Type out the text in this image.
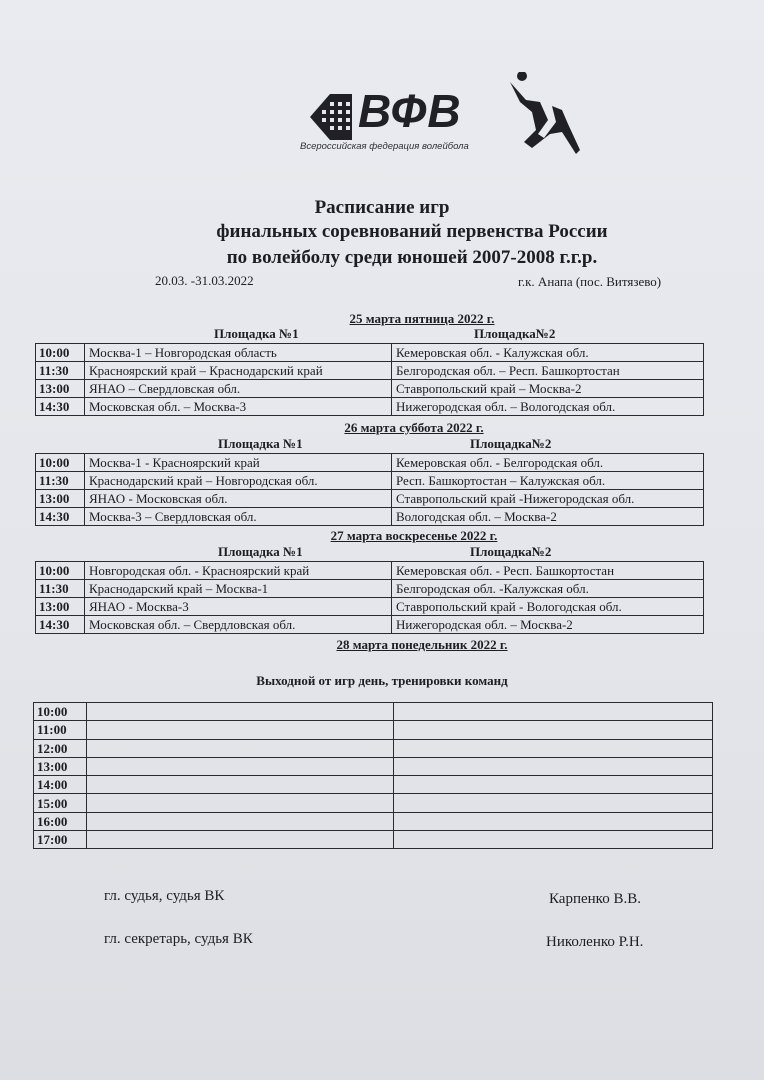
ВФВ
Всероссийская федерация волейбола
Расписание игр
финальных соревнований первенства России
по волейболу среди юношей 2007-2008 г.г.р.
20.03. -31.03.2022	г.к. Анапа (пос. Витязево)
25 марта пятница 2022 г.
Площадка №1	Площадка№2
10:00	Москва-1 – Новгородская область	Кемеровская обл. - Калужская обл.
11:30	Красноярский край – Краснодарский край	Белгородская обл. – Респ. Башкортостан
13:00	ЯНАО – Свердловская обл.	Ставропольский край – Москва-2
14:30	Московская обл. – Москва-3	Нижегородская обл. – Вологодская обл.
26 марта суббота 2022 г.
Площадка №1	Площадка№2
10:00	Москва-1 - Красноярский край	Кемеровская обл. - Белгородская обл.
11:30	Краснодарский край – Новгородская обл.	Респ. Башкортостан – Калужская обл.
13:00	ЯНАО - Московская обл.	Ставропольский край -Нижегородская обл.
14:30	Москва-3 – Свердловская обл.	Вологодская обл. – Москва-2
27 марта воскресенье 2022 г.
Площадка №1	Площадка№2
10:00	Новгородская обл. - Красноярский край	Кемеровская обл. - Респ. Башкортостан
11:30	Краснодарский край – Москва-1	Белгородская обл. -Калужская обл.
13:00	ЯНАО - Москва-3	Ставропольский край - Вологодская обл.
14:30	Московская обл. – Свердловская обл.	Нижегородская обл. – Москва-2
28 марта понедельник 2022 г.
Выходной от игр день, тренировки команд
10:00		
11:00		
12:00		
13:00		
14:00		
15:00		
16:00		
17:00		
гл. судья, судья ВК	Карпенко В.В.
гл. секретарь, судья ВК	Николенко Р.Н.
